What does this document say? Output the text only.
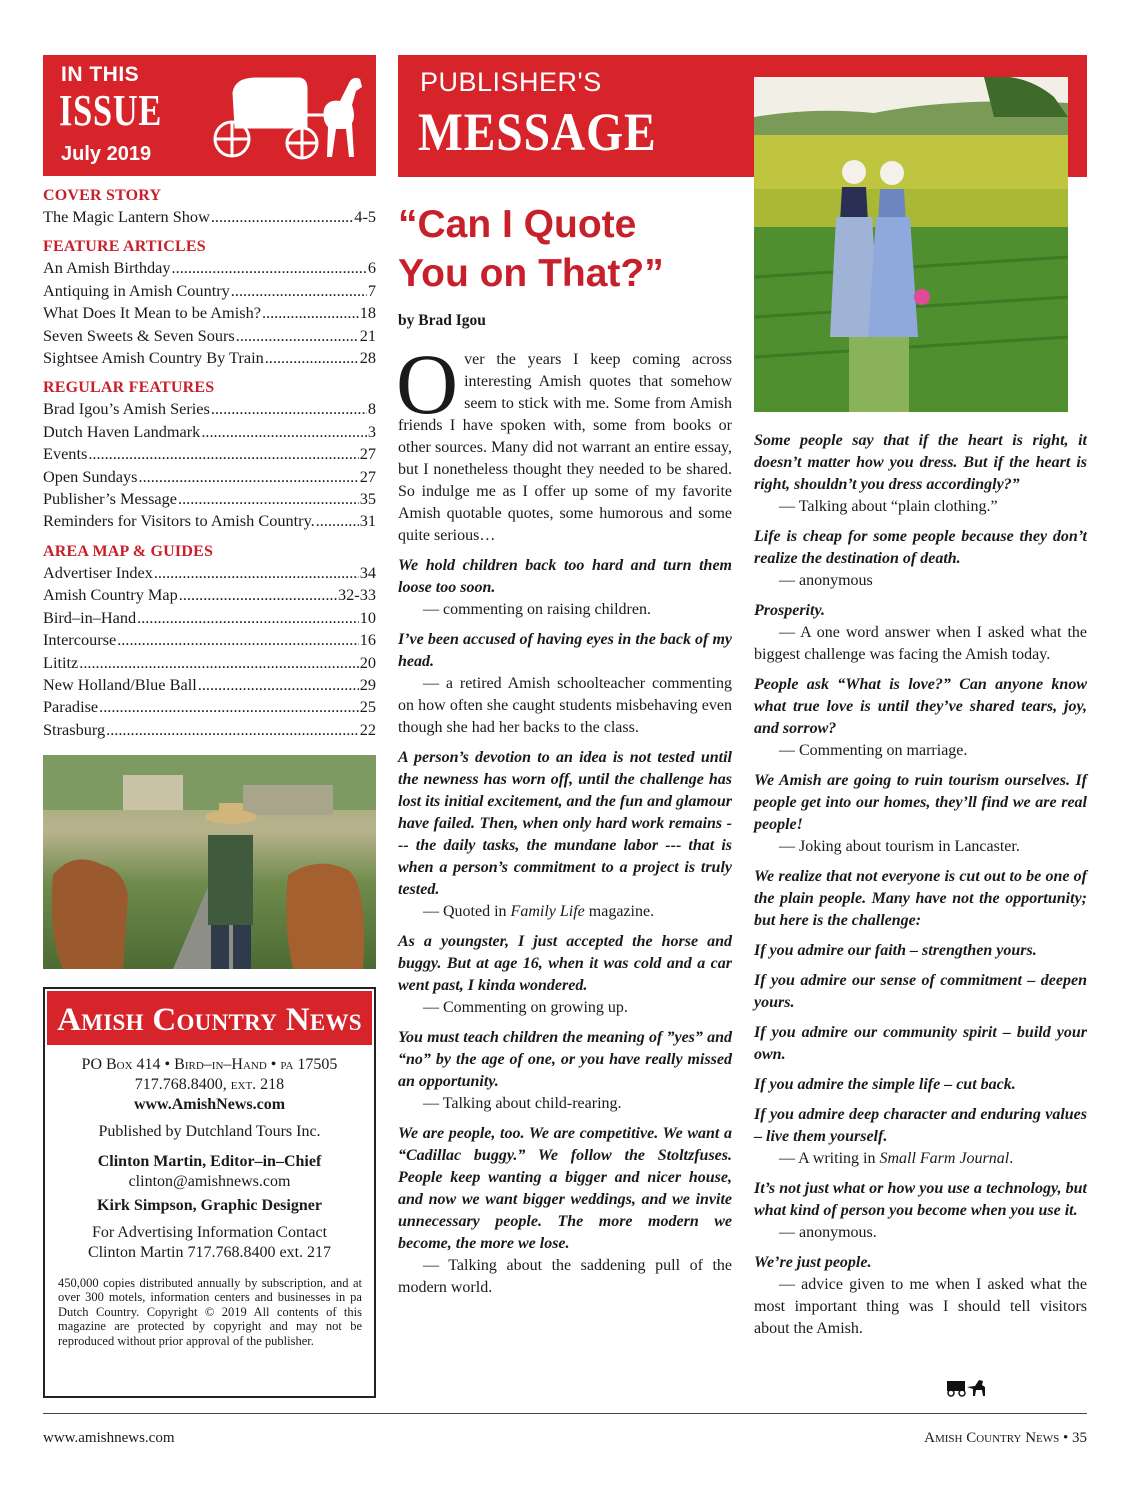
IN THIS
ISSUE
July 2019
COVER STORY
The Magic Lantern Show .....	4-5
FEATURE ARTICLES
An Amish Birthday .....	6
Antiquing in Amish Country .....	7
What Does It Mean to be Amish? .....	18
Seven Sweets & Seven Sours .....	21
Sightsee Amish Country By Train .....	28
REGULAR FEATURES
Brad Igou’s Amish Series .....	8
Dutch Haven Landmark .....	3
Events .....	27
Open Sundays .....	27
Publisher’s Message .....	35
Reminders for Visitors to Amish Country. .....	31
AREA MAP & GUIDES
Advertiser Index .....	34
Amish Country Map .....	32-33
Bird–in–Hand .....	10
Intercourse .....	16
Lititz .....	20
New Holland/Blue Ball .....	29
Paradise .....	25
Strasburg .....	22
Amish Country News
PO Box 414 • Bird–in–Hand • pa 17505
717.768.8400, ext. 218
www.AmishNews.com
Published by Dutchland Tours Inc.
Clinton Martin, Editor–in–Chief
clinton@amishnews.com
Kirk Simpson, Graphic Designer
For Advertising Information Contact
Clinton Martin 717.768.8400 ext. 217
450,000 copies distributed annually by subscription, and at over 300 motels, information centers and businesses in pa Dutch Country. Copyright © 2019 All contents of this magazine are protected by copyright and may not be reproduced without prior approval of the publisher.
PUBLISHER'S
MESSAGE
“Can I Quote
You on That?”
by Brad Igou

Over the years I keep coming across interesting Amish quotes that somehow seem to stick with me. Some from Amish friends I have spoken with, some from books or other sources. Many did not warrant an entire essay, but I nonetheless thought they needed to be shared. So indulge me as I offer up some of my favorite Amish quotable quotes, some humorous and some quite serious…

We hold children back too hard and turn them loose too soon.

— commenting on raising children.

I’ve been accused of having eyes in the back of my head.

— a retired Amish schoolteacher commenting on how often she caught students misbehaving even though she had her backs to the class.

A person’s devotion to an idea is not tested until the newness has worn off, until the challenge has lost its initial excitement, and the fun and glamour have failed. Then, when only hard work remains --- the daily tasks, the mundane labor --- that is when a person’s commitment to a project is truly tested.

— Quoted in Family Life magazine.

As a youngster, I just accepted the horse and buggy. But at age 16, when it was cold and a car went past, I kinda wondered.

— Commenting on growing up.

You must teach children the meaning of ”yes” and “no” by the age of one, or you have really missed an opportunity.

— Talking about child-rearing.

We are people, too. We are competitive. We want a “Cadillac buggy.” We follow the Stoltzfuses. People keep wanting a bigger and nicer house, and now we want bigger weddings, and we invite unnecessary people. The more modern we become, the more we lose.

— Talking about the saddening pull of the modern world.

Some people say that if the heart is right, it doesn’t matter how you dress. But if the heart is right, shouldn’t you dress accordingly?”

— Talking about “plain clothing.”

Life is cheap for some people because they don’t realize the destination of death.

— anonymous

Prosperity.

— A one word answer when I asked what the biggest challenge was facing the Amish today.

People ask “What is love?” Can anyone know what true love is until they’ve shared tears, joy, and sorrow?

— Commenting on marriage.

We Amish are going to ruin tourism ourselves. If people get into our homes, they’ll find we are real people!

— Joking about tourism in Lancaster.

We realize that not everyone is cut out to be one of the plain people. Many have not the opportunity; but here is the challenge:

If you admire our faith – strengthen yours.

If you admire our sense of commitment – deepen yours.

If you admire our community spirit – build your own.

If you admire the simple life – cut back.

If you admire deep character and enduring values – live them yourself.

— A writing in Small Farm Journal.

It’s not just what or how you use a technology, but what kind of person you become when you use it.

— anonymous.

We’re just people.

— advice given to me when I asked what the most important thing was I should tell visitors about the Amish.

www.amishnews.com	Amish Country News • 35
